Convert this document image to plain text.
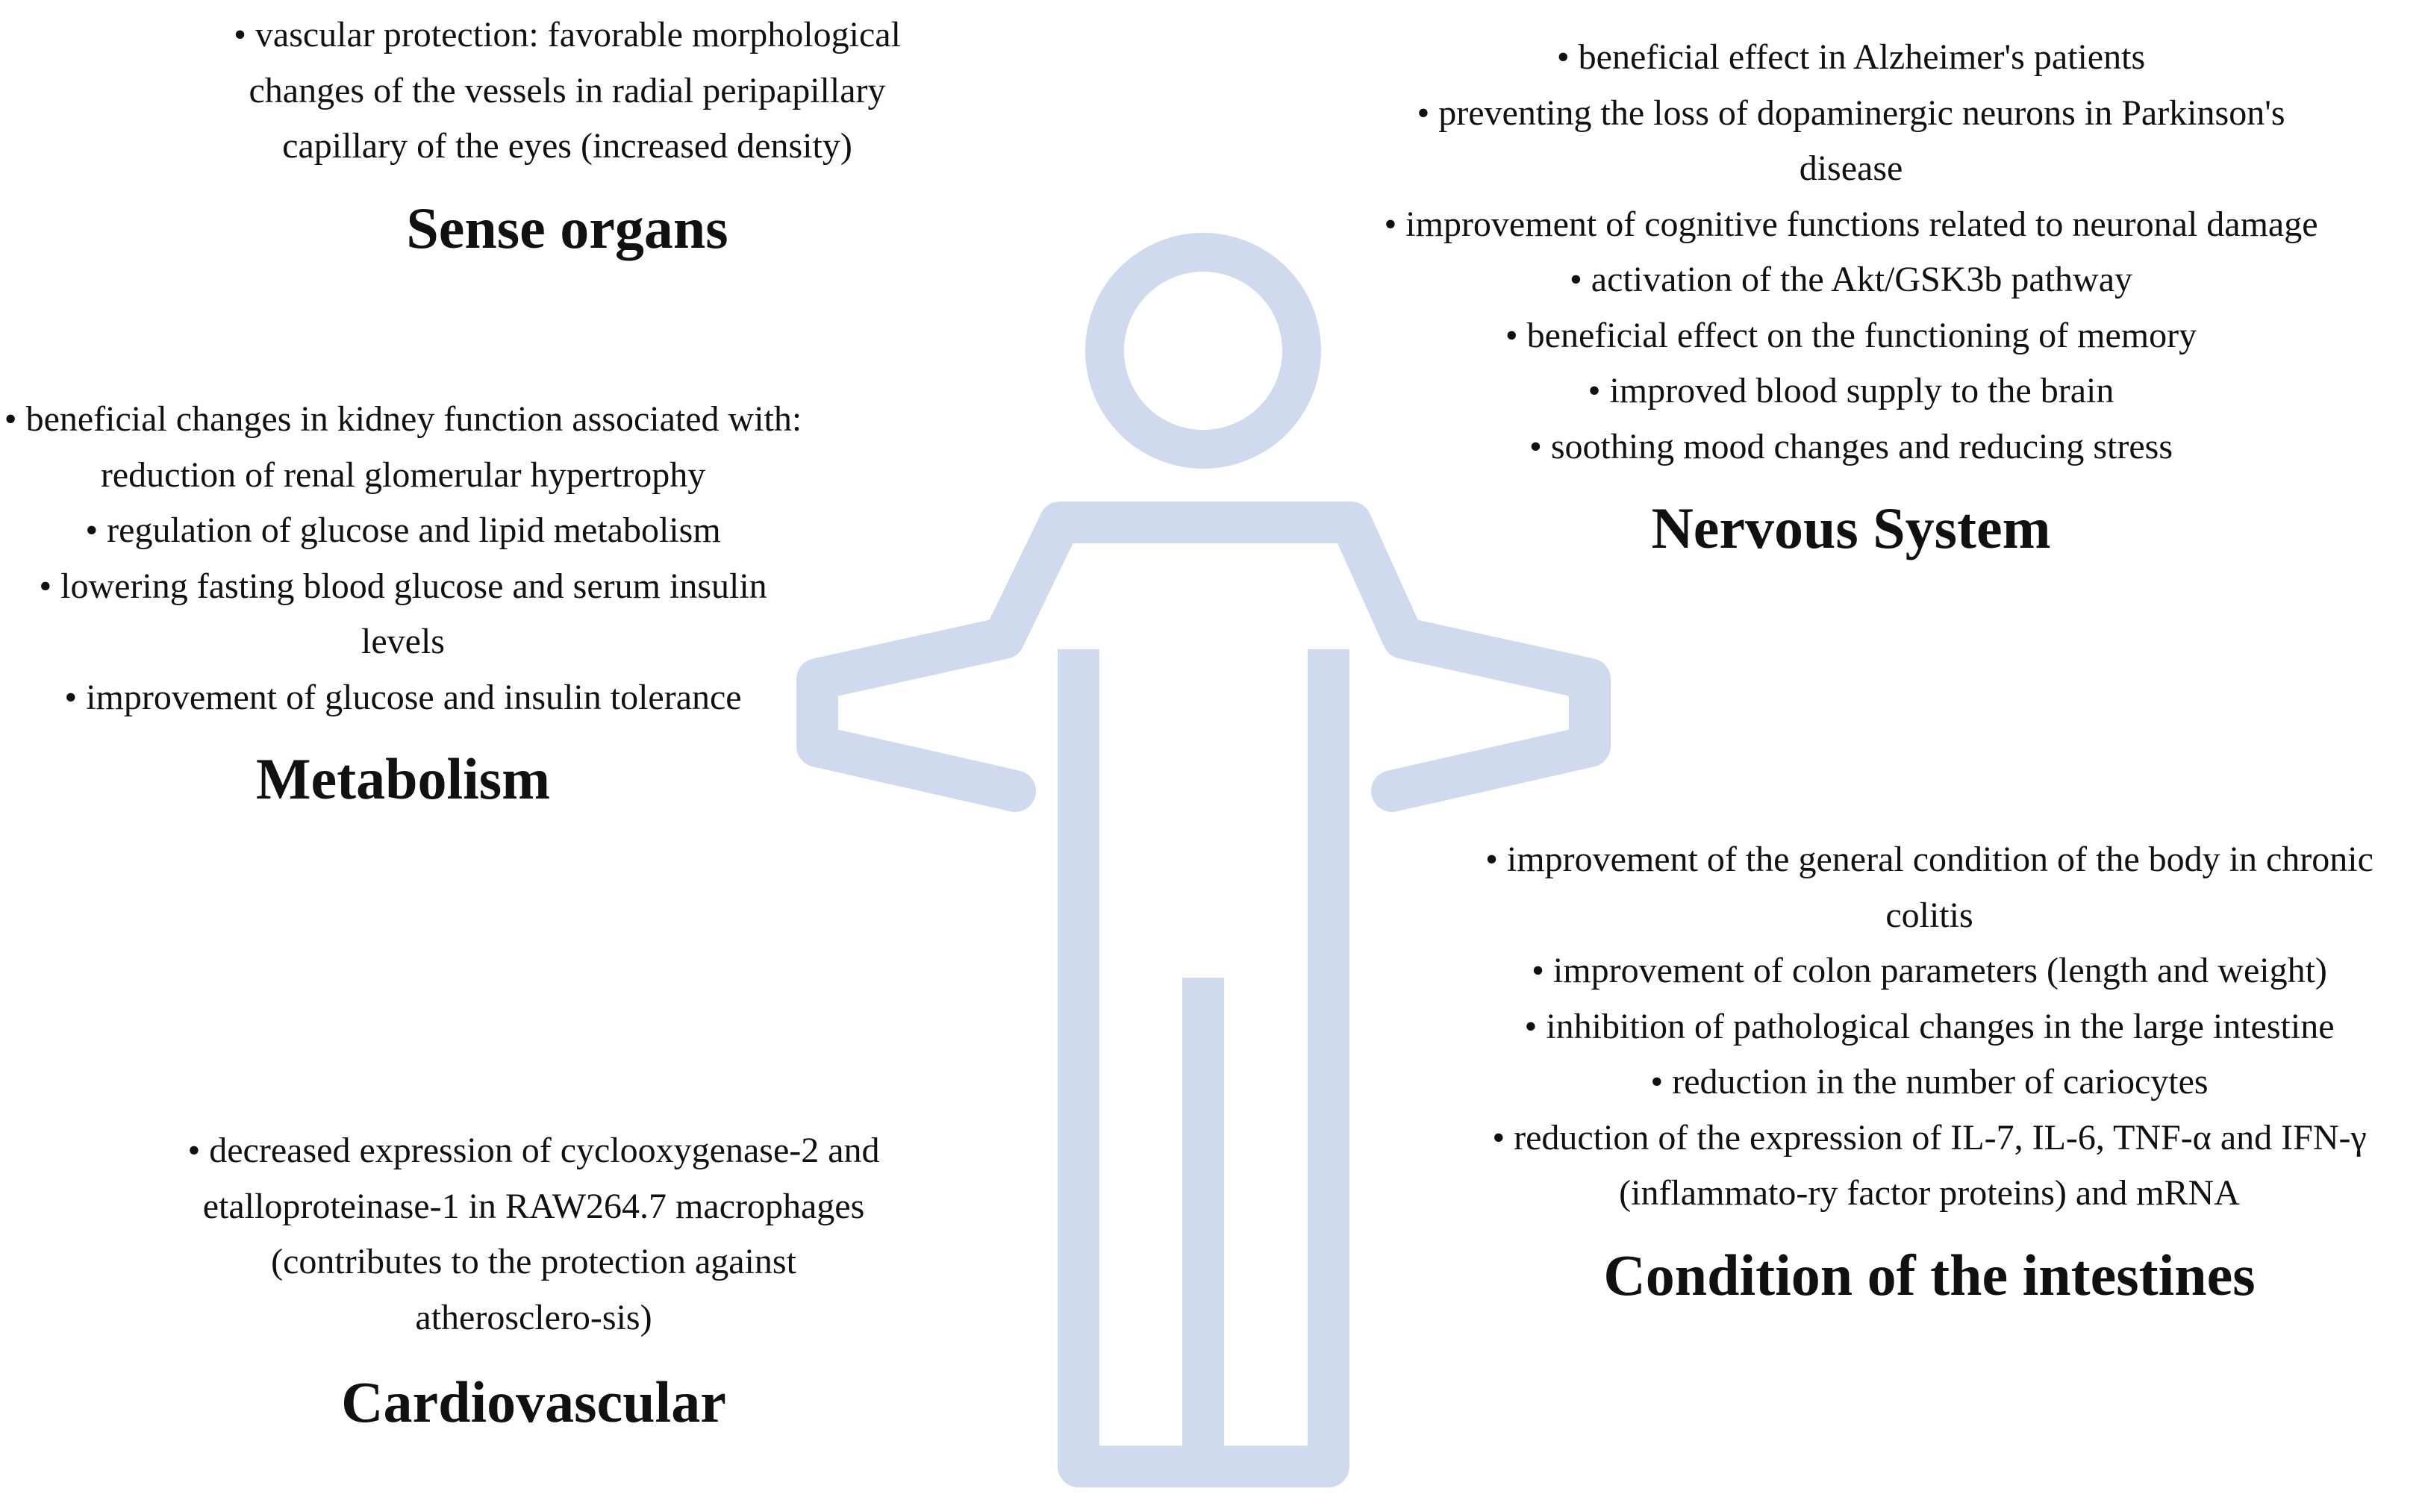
• vascular protection: favorable morphological changes of the vessels in radial peripapillary capillary of the eyes (increased density)
Sense organs
• beneficial effect in Alzheimer's patients
• preventing the loss of dopaminergic neurons in Parkinson's disease
• improvement of cognitive functions related to neuronal damage
• activation of the Akt/GSK3b pathway
• beneficial effect on the functioning of memory
• improved blood supply to the brain
• soothing mood changes and reducing stress
Nervous System
• beneficial changes in kidney function associated with: reduction of renal glomerular hypertrophy
• regulation of glucose and lipid metabolism
• lowering fasting blood glucose and serum insulin levels
• improvement of glucose and insulin tolerance
Metabolism
• improvement of the general condition of the body in chronic colitis
• improvement of colon parameters (length and weight)
• inhibition of pathological changes in the large intestine
• reduction in the number of cariocytes
• reduction of the expression of IL-7, IL-6, TNF-α and IFN-γ (inflammato-ry factor proteins) and mRNA
Condition of the intestines
• decreased expression of cyclooxygenase-2 and etalloproteinase-1 in RAW264.7 macrophages (contributes to the protection against atherosclero-sis)
Cardiovascular
